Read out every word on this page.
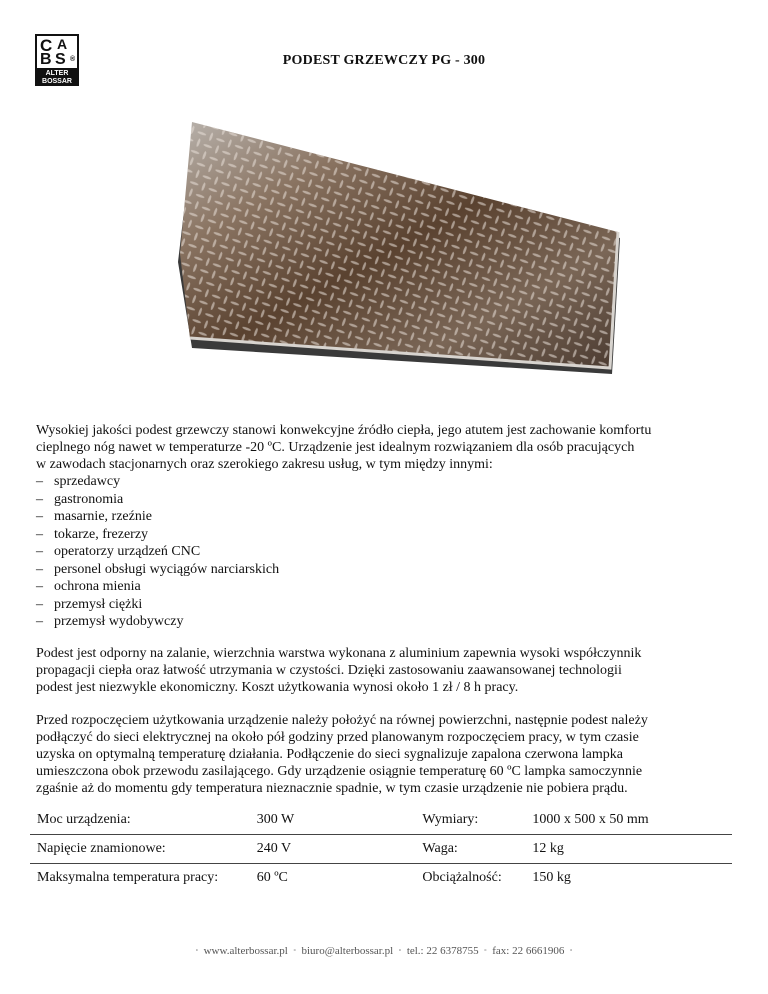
C A
B S ®
ALTER
BOSSAR
PODEST GRZEWCZY PG - 300
Wysokiej jakości podest grzewczy stanowi konwekcyjne źródło ciepła, jego atutem jest zachowanie komfortu
cieplnego nóg nawet w temperaturze -20 ºC. Urządzenie jest idealnym rozwiązaniem dla osób pracujących
w zawodach stacjonarnych oraz szerokiego zakresu usług, w tym między innymi:
– sprzedawcy
– gastronomia
– masarnie, rzeźnie
– tokarze, frezerzy
– operatorzy urządzeń CNC
– personel obsługi wyciągów narciarskich
– ochrona mienia
– przemysł ciężki
– przemysł wydobywczy
Podest jest odporny na zalanie, wierzchnia warstwa wykonana z aluminium zapewnia wysoki współczynnik
propagacji ciepła oraz łatwość utrzymania w czystości. Dzięki zastosowaniu zaawansowanej technologii
podest jest niezwykle ekonomiczny. Koszt użytkowania wynosi około 1 zł / 8 h pracy.
Przed rozpoczęciem użytkowania urządzenie należy położyć na równej powierzchni, następnie podest należy
podłączyć do sieci elektrycznej na około pół godziny przed planowanym rozpoczęciem pracy, w tym czasie
uzyska on optymalną temperaturę działania. Podłączenie do sieci sygnalizuje zapalona czerwona lampka
umieszczona obok przewodu zasilającego. Gdy urządzenie osiągnie temperaturę 60 ºC lampka samoczynnie
zgaśnie aż do momentu gdy temperatura nieznacznie spadnie, w tym czasie urządzenie nie pobiera prądu.
Moc urządzenia:	300 W	Wymiary:	1000 x 500 x 50 mm
Napięcie znamionowe:	240 V	Waga:	12 kg
Maksymalna temperatura pracy:	60 ºC	Obciążalność:	150 kg
▫ www.alterbossar.pl ▫ biuro@alterbossar.pl ▫ tel.: 22 6378755 ▫ fax: 22 6661906 ▫
